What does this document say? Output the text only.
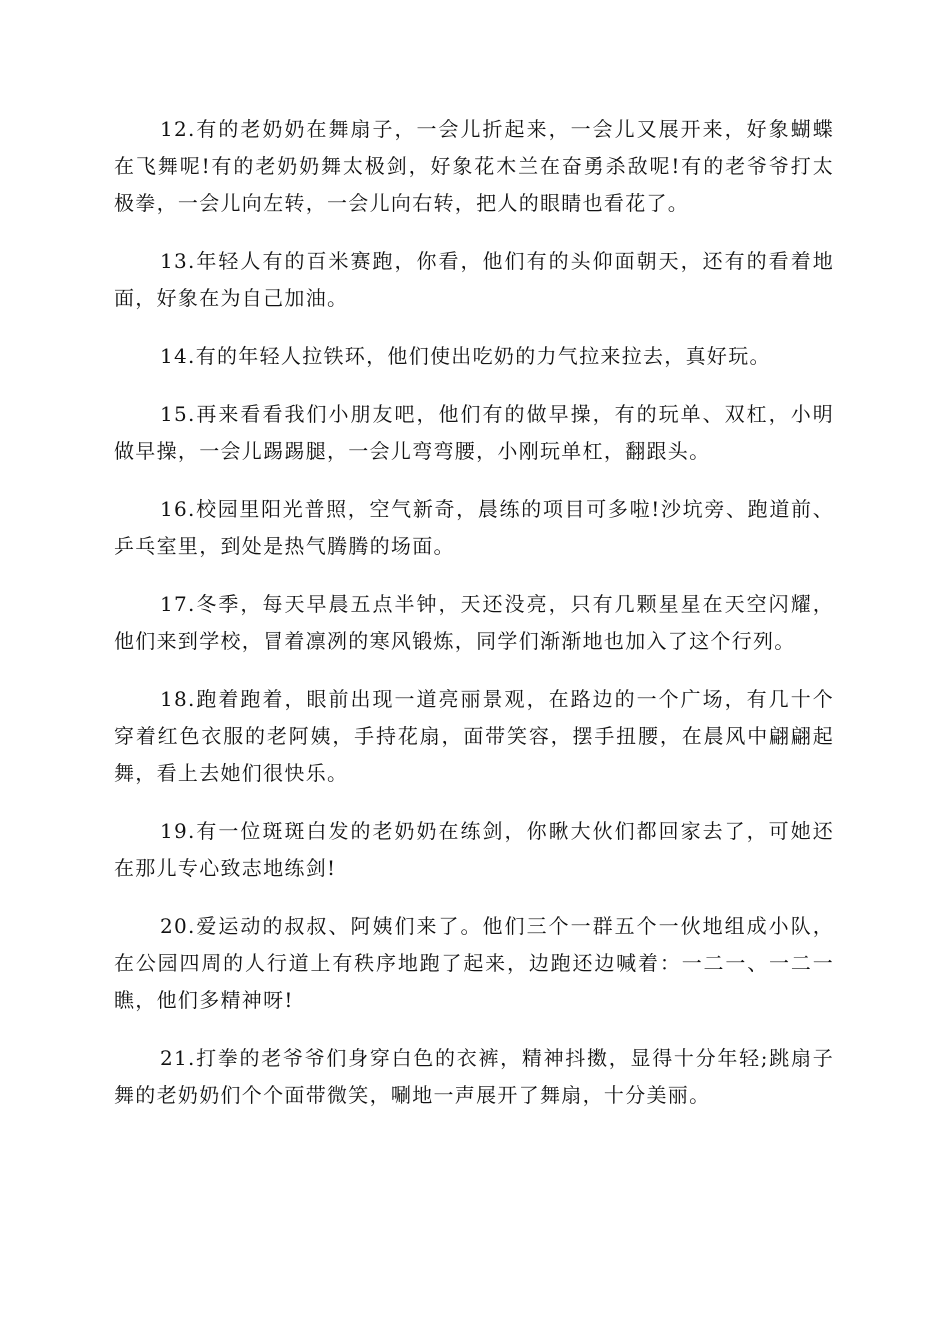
12.有的老奶奶在舞扇子，一会儿折起来，一会儿又展开来，好象蝴蝶在飞舞呢!有的老奶奶舞太极剑，好象花木兰在奋勇杀敌呢!有的老爷爷打太极拳，一会儿向左转，一会儿向右转，把人的眼睛也看花了。

13.年轻人有的百米赛跑，你看，他们有的头仰面朝天，还有的看着地面，好象在为自己加油。

14.有的年轻人拉铁环，他们使出吃奶的力气拉来拉去，真好玩。

15.再来看看我们小朋友吧，他们有的做早操，有的玩单、双杠，小明做早操，一会儿踢踢腿，一会儿弯弯腰，小刚玩单杠，翻跟头。

16.校园里阳光普照，空气新奇，晨练的项目可多啦!沙坑旁、跑道前、乒乓室里，到处是热气腾腾的场面。

17.冬季，每天早晨五点半钟，天还没亮，只有几颗星星在天空闪耀，他们来到学校，冒着凛冽的寒风锻炼，同学们渐渐地也加入了这个行列。

18.跑着跑着，眼前出现一道亮丽景观，在路边的一个广场，有几十个穿着红色衣服的老阿姨，手持花扇，面带笑容，摆手扭腰，在晨风中翩翩起舞，看上去她们很快乐。

19.有一位斑斑白发的老奶奶在练剑，你瞅大伙们都回家去了，可她还在那儿专心致志地练剑!

20.爱运动的叔叔、阿姨们来了。他们三个一群五个一伙地组成小队，在公园四周的人行道上有秩序地跑了起来，边跑还边喊着：一二一、一二一瞧，他们多精神呀!

21.打拳的老爷爷们身穿白色的衣裤，精神抖擞，显得十分年轻;跳扇子舞的老奶奶们个个面带微笑，唰地一声展开了舞扇，十分美丽。
